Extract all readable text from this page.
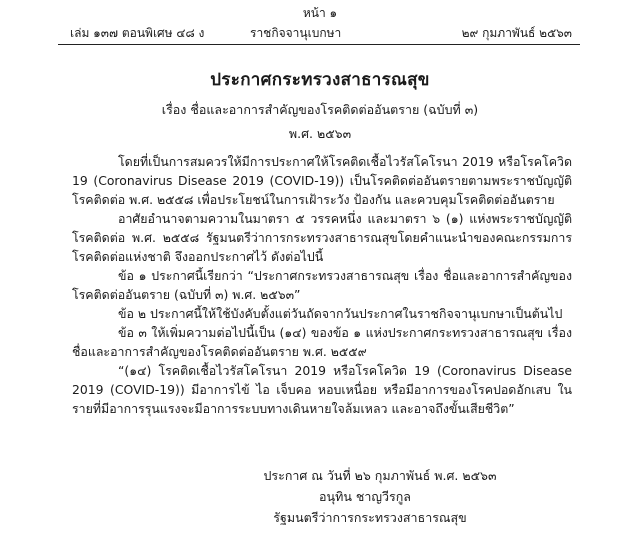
หน้า ๑
เล่ม ๑๓๗ ตอนพิเศษ ๔๘ ง	ราชกิจจานุเบกษา	๒๙ กุมภาพันธ์ ๒๕๖๓
ประกาศกระทรวงสาธารณสุข
เรื่อง ชื่อและอาการสำคัญของโรคติดต่ออันตราย (ฉบับที่ ๓)
พ.ศ. ๒๕๖๓

โดยที่เป็นการสมควรให้มีการประกาศให้โรคติดเชื้อไวรัสโคโรนา 2019 หรือโรคโควิด 19 (Coronavirus Disease 2019 (COVID-19)) เป็นโรคติดต่ออันตรายตามพระราชบัญญัติโรคติดต่อ พ.ศ. ๒๕๕๘ เพื่อประโยชน์ในการเฝ้าระวัง ป้องกัน และควบคุมโรคติดต่ออันตราย

อาศัยอำนาจตามความในมาตรา ๕ วรรคหนึ่ง และมาตรา ๖ (๑) แห่งพระราชบัญญัติโรคติดต่อ พ.ศ. ๒๕๕๘ รัฐมนตรีว่าการกระทรวงสาธารณสุขโดยคำแนะนำของคณะกรรมการโรคติดต่อแห่งชาติ จึงออกประกาศไว้ ดังต่อไปนี้

ข้อ ๑ ประกาศนี้เรียกว่า “ประกาศกระทรวงสาธารณสุข เรื่อง ชื่อและอาการสำคัญของโรคติดต่ออันตราย (ฉบับที่ ๓) พ.ศ. ๒๕๖๓”

ข้อ ๒ ประกาศนี้ให้ใช้บังคับตั้งแต่วันถัดจากวันประกาศในราชกิจจานุเบกษาเป็นต้นไป

ข้อ ๓ ให้เพิ่มความต่อไปนี้เป็น (๑๔) ของข้อ ๑ แห่งประกาศกระทรวงสาธารณสุข เรื่อง ชื่อและอาการสำคัญของโรคติดต่ออันตราย พ.ศ. ๒๕๕๙

“(๑๔) โรคติดเชื้อไวรัสโคโรนา 2019 หรือโรคโควิด 19 (Coronavirus Disease 2019 (COVID-19)) มีอาการไข้ ไอ เจ็บคอ หอบเหนื่อย หรือมีอาการของโรคปอดอักเสบ ในรายที่มีอาการรุนแรงจะมีอาการระบบทางเดินหายใจล้มเหลว และอาจถึงขั้นเสียชีวิต”

ประกาศ ณ วันที่ ๒๖ กุมภาพันธ์ พ.ศ. ๒๕๖๓
อนุทิน ชาญวีรกูล
รัฐมนตรีว่าการกระทรวงสาธารณสุข
